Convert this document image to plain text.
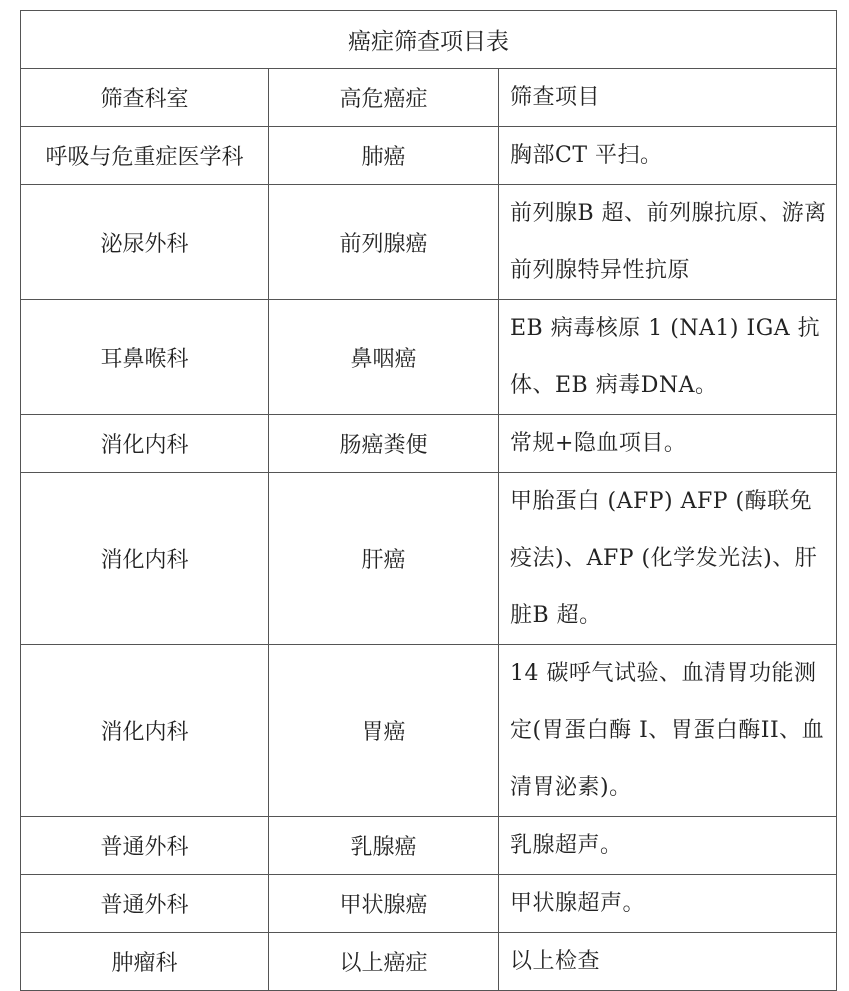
癌症筛查项目表		
筛查科室	高危癌症	筛查项目
呼吸与危重症医学科	肺癌	胸部CT 平扫。
泌尿外科	前列腺癌	前列腺B 超、前列腺抗原、游离前列腺特异性抗原
耳鼻喉科	鼻咽癌	EB 病毒核原 1 (NA1) IGA 抗体、EB 病毒DNA。
消化内科	肠癌粪便	常规+隐血项目。
消化内科	肝癌	甲胎蛋白 (AFP) AFP (酶联免疫法)、AFP (化学发光法)、肝脏B 超。
消化内科	胃癌	14 碳呼气试验、血清胃功能测定(胃蛋白酶 I、胃蛋白酶II、血清胃泌素)。
普通外科	乳腺癌	乳腺超声。
普通外科	甲状腺癌	甲状腺超声。
肿瘤科	以上癌症	以上检查
